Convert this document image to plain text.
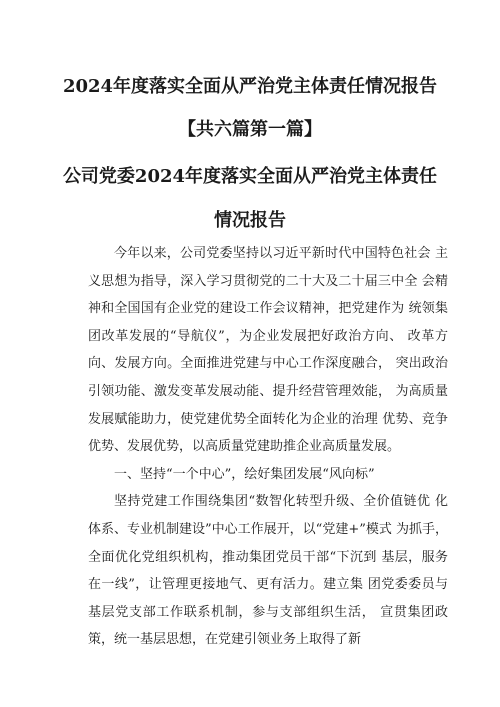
2024年度落实全面从严治党主体责任情况报告
【共六篇第一篇】
公司党委2024年度落实全面从严治党主体责任
情况报告

今年以来，公司党委坚持以习近平新时代中国特色社会 主义思想为指导，深入学习贯彻党的二十大及二十届三中全 会精神和全国国有企业党的建设工作会议精神，把党建作为 统领集团改革发展的“导航仪”，为企业发展把好政治方向、 改革方向、发展方向。全面推进党建与中心工作深度融合， 突出政治引领功能、激发变革发展动能、提升经营管理效能， 为高质量发展赋能助力，使党建优势全面转化为企业的治理 优势、竞争优势、发展优势，以高质量党建助推企业高质量发展。

一、坚持“一个中心”，绘好集团发展“风向标”

坚持党建工作围绕集团“数智化转型升级、全价值链优 化体系、专业机制建设”中心工作展开，以“党建+”模式 为抓手，全面优化党组织机构，推动集团党员干部“下沉到 基层，服务在一线”，让管理更接地气、更有活力。建立集 团党委委员与基层党支部工作联系机制，参与支部组织生活， 宣贯集团政策，统一基层思想，在党建引领业务上取得了新
